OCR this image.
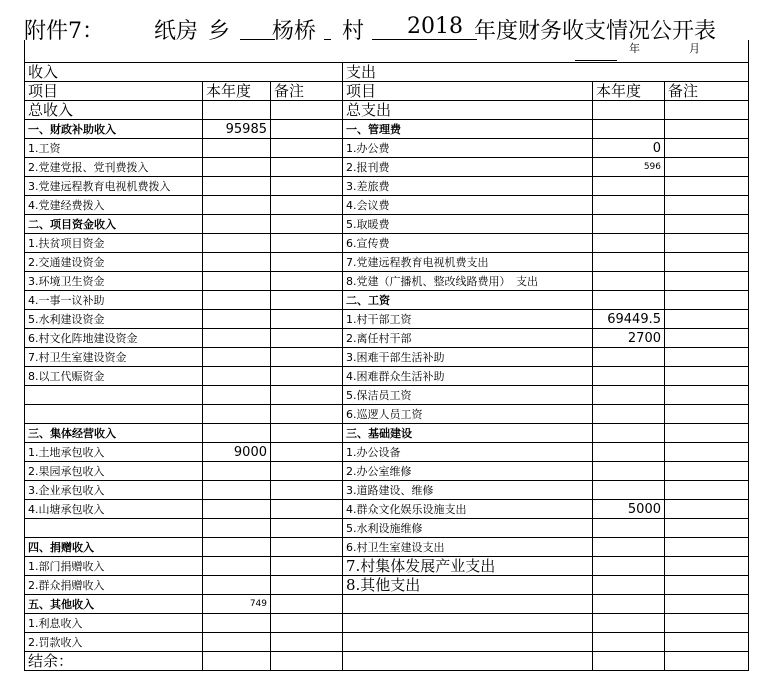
附件7： 纸房 乡
杨桥
村	2018 年度财务收支情况公开表
年 月					

收入			支出		
项目	本年度	备注	项目	本年度	备注
总收入			总支出		
一、财政补助收入	95985		一、管理费		
1.工资			1.办公费	0	
2.党建党报、党刊费拨入			2.报刊费	596	
3.党建远程教育电视机费拨入			3.差旅费		
4.党建经费拨入			4.会议费		
二、项目资金收入			5.取暖费		
1.扶贫项目资金			6.宣传费		
2.交通建设资金			7.党建远程教育电视机费支出		
3.环境卫生资金			8.党建（广播机、整改线路费用）　支出		
4.一事一议补助			二、工资		
5.水利建设资金			1.村干部工资	69449.5	
6.村文化阵地建设资金			2.离任村干部	2700	
7.村卫生室建设资金			3.困难干部生活补助		
8.以工代赈资金			4.困难群众生活补助		
			5.保洁员工资		
			6.巡逻人员工资		
三、集体经营收入			三、基础建设		
1.土地承包收入	9000		1.办公设备		
2.果园承包收入			2.办公室维修		
3.企业承包收入			3.道路建设、维修		
4.山塘承包收入			4.群众文化娱乐设施支出	5000	
			5.水利设施维修		
四、捐赠收入			6.村卫生室建设支出		
1.部门捐赠收入			7.村集体发展产业支出		
2.群众捐赠收入			8.其他支出		
五、其他收入	749				
1.利息收入					
2.罚款收入					
结余：					
